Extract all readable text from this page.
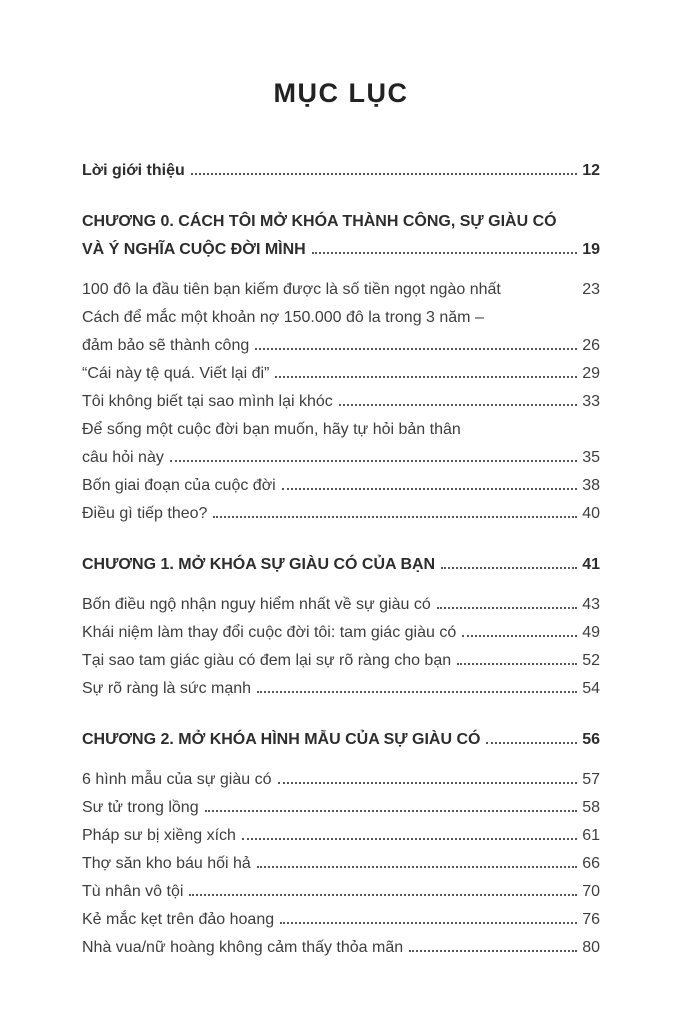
MỤC LỤC
Lời giới thiệu	12
CHƯƠNG 0. CÁCH TÔI MỞ KHÓA THÀNH CÔNG, SỰ GIÀU CÓ
VÀ Ý NGHĨA CUỘC ĐỜI MÌNH	19
100 đô la đầu tiên bạn kiếm được là số tiền ngọt ngào nhất	23
Cách để mắc một khoản nợ 150.000 đô la trong 3 năm –
đảm bảo sẽ thành công	26
“Cái này tệ quá. Viết lại đi”	29
Tôi không biết tại sao mình lại khóc	33
Để sống một cuộc đời bạn muốn, hãy tự hỏi bản thân
câu hỏi này	35
Bốn giai đoạn của cuộc đời	38
Điều gì tiếp theo?	40
CHƯƠNG 1. MỞ KHÓA SỰ GIÀU CÓ CỦA BẠN	41
Bốn điều ngộ nhận nguy hiểm nhất về sự giàu có	43
Khái niệm làm thay đổi cuộc đời tôi: tam giác giàu có	49
Tại sao tam giác giàu có đem lại sự rõ ràng cho bạn	52
Sự rõ ràng là sức mạnh	54
CHƯƠNG 2. MỞ KHÓA HÌNH MẪU CỦA SỰ GIÀU CÓ	56
6 hình mẫu của sự giàu có	57
Sư tử trong lồng	58
Pháp sư bị xiềng xích	61
Thợ săn kho báu hối hả	66
Tù nhân vô tội	70
Kẻ mắc kẹt trên đảo hoang	76
Nhà vua/nữ hoàng không cảm thấy thỏa mãn	80
